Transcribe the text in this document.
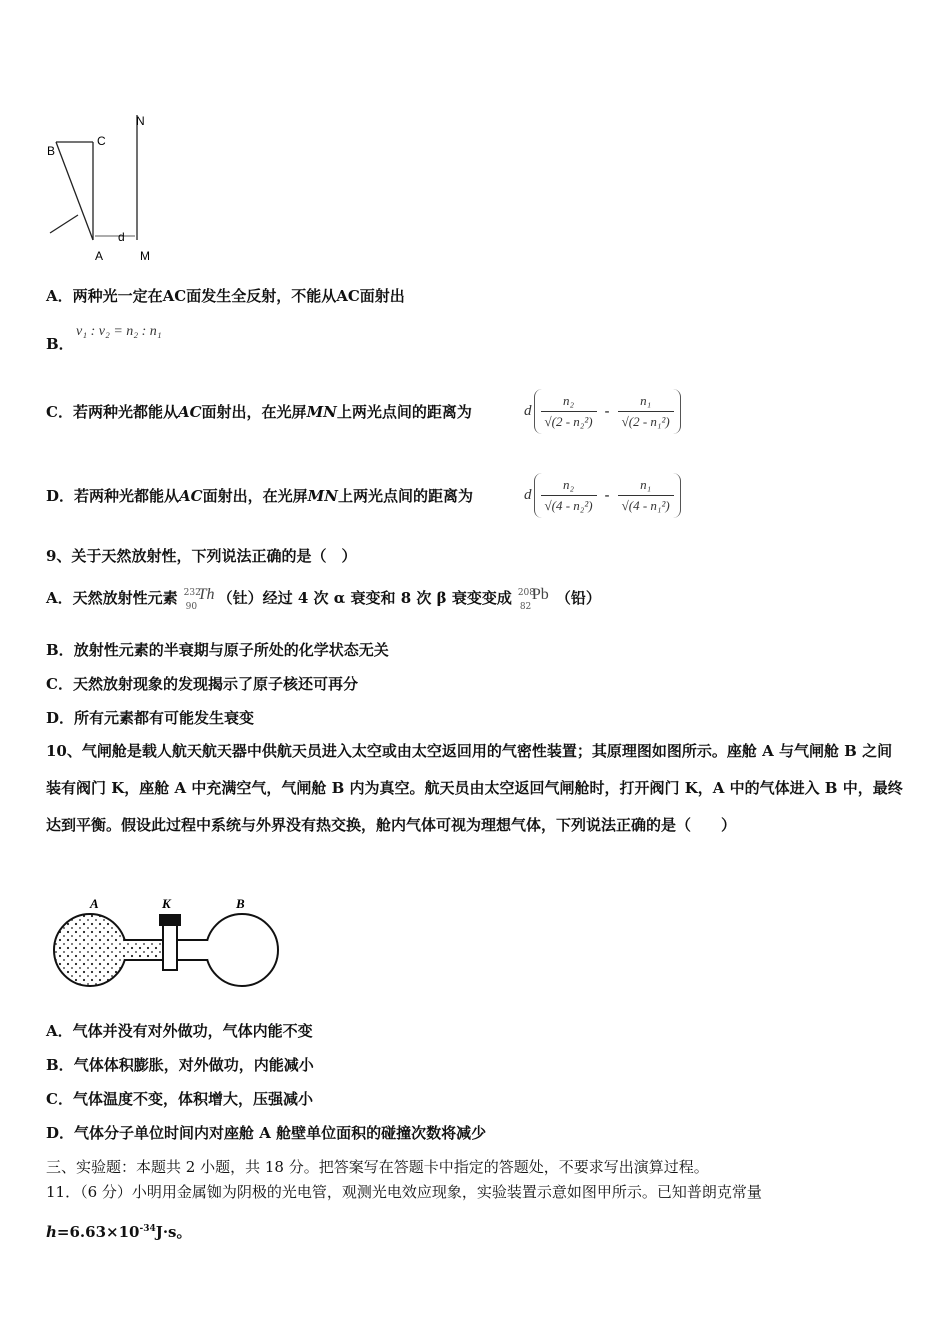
B
C
N
d
A	M
A．两种光一定在AC面发生全反射，不能从AC面射出
B．
v₁ : v₂ = n₂ : n₁
C．若两种光都能从AC面射出，在光屏MN上两光点间的距离为	d $\frac{\text{n₂}}{\text{√(2 - n₂²)}} - \frac{\text{n₁}}{\text{√(2 - n₁²)}}$
D．若两种光都能从AC面射出，在光屏MN上两光点间的距离为	d $\frac{\text{n₂}}{\text{√(4 - n₂²)}} - \frac{\text{n₁}}{\text{√(4 - n₁²)}}$
9、关于天然放射性，下列说法正确的是（　）
A． 天然放射性元素 232
90
Th （钍）经过 4 次 α 衰变和 8 次 β 衰变变成 208
82
Pb （铅）
B．放射性元素的半衰期与原子所处的化学状态无关
C．天然放射现象的发现揭示了原子核还可再分
D．所有元素都有可能发生衰变
10、气闸舱是载人航天航天器中供航天员进入太空或由太空返回用的气密性装置；其原理图如图所示。座舱 A 与气闸舱 B 之间装有阀门 K，座舱 A 中充满空气，气闸舱 B 内为真空。航天员由太空返回气闸舱时，打开阀门 K，A 中的气体进入 B 中，最终达到平衡。假设此过程中系统与外界没有热交换，舱内气体可视为理想气体，下列说法正确的是（　　）
A	K	B
A．气体并没有对外做功，气体内能不变
B．气体体积膨胀，对外做功，内能减小
C．气体温度不变，体积增大，压强减小
D．气体分子单位时间内对座舱 A 舱壁单位面积的碰撞次数将减少
三、实验题：本题共 2 小题，共 18 分。把答案写在答题卡中指定的答题处，不要求写出演算过程。
11．（6 分）小明用金属铷为阴极的光电管，观测光电效应现象，实验装置示意如图甲所示。已知普朗克常量
$h=6.63\times 10^{-34}J\cdot s$。
